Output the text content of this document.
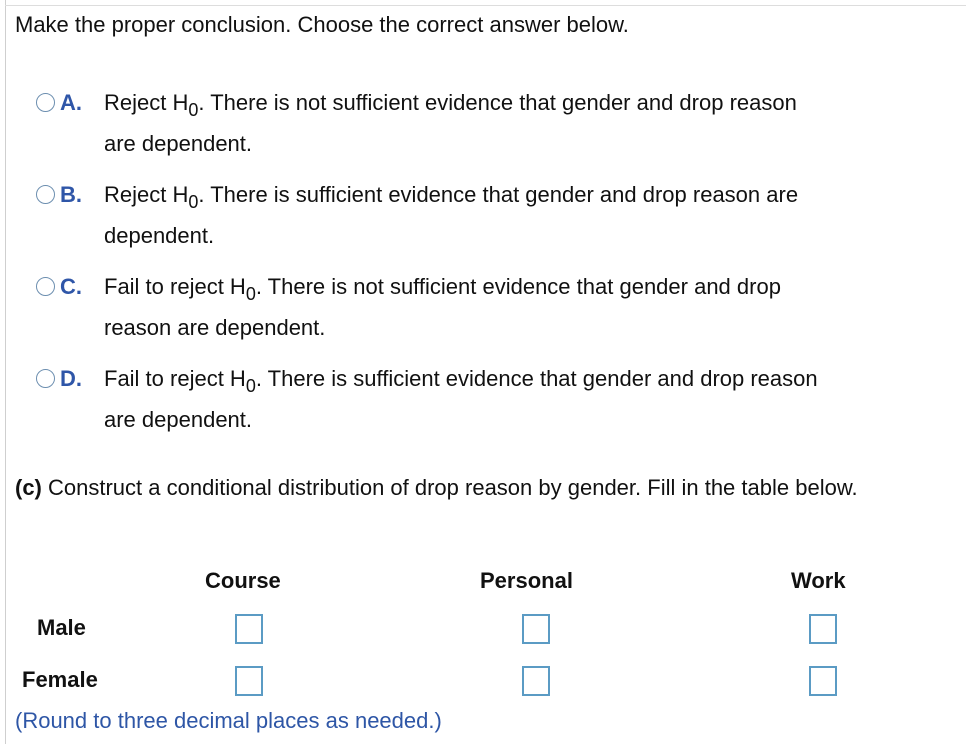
Make the proper conclusion. Choose the correct answer below.
A. Reject $H_0$. There is not sufficient evidence that gender and drop reason
are dependent.
B. Reject $H_0$. There is sufficient evidence that gender and drop reason are
dependent.
C. Fail to reject $H_0$. There is not sufficient evidence that gender and drop
reason are dependent.
D. Fail to reject $H_0$. There is sufficient evidence that gender and drop reason
are dependent.
(c) Construct a conditional distribution of drop reason by gender. Fill in the table below.
Course	Personal	Work
Male
Female
(Round to three decimal places as needed.)
